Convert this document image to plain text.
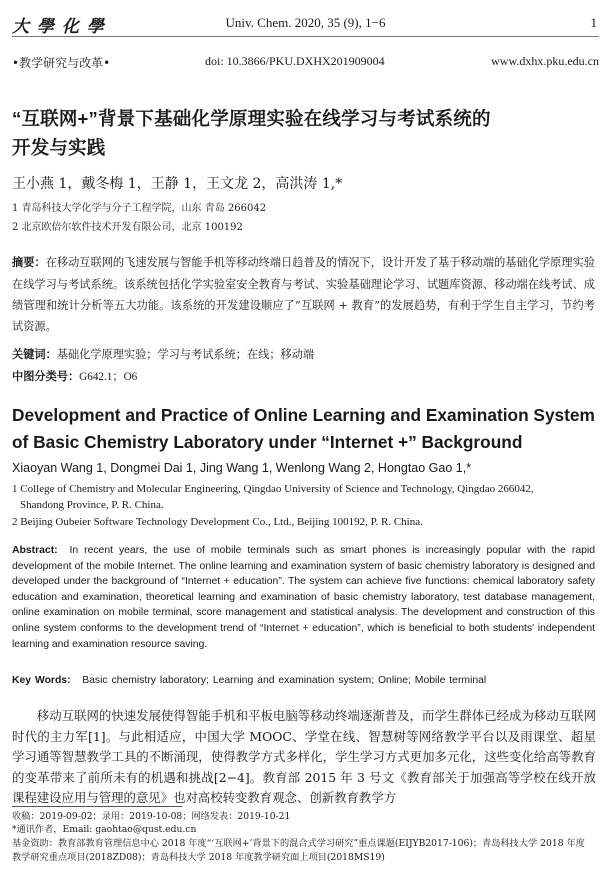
大 學 化 學	Univ. Chem. 2020, 35 (9), 1−6	1
•教学研究与改革•	doi: 10.3866/PKU.DXHX201909004	www.dxhx.pku.edu.cn
“互联网+”背景下基础化学原理实验在线学习与考试系统的
开发与实践
王小燕 1，戴冬梅 1，王静 1，王文龙 2，高洪涛 1,*
1 青岛科技大学化学与分子工程学院，山东 青岛 266042
2 北京欧倍尔软件技术开发有限公司，北京 100192
摘要：在移动互联网的飞速发展与智能手机等移动终端日趋普及的情况下，设计开发了基于移动端的基础化学原理实验在线学习与考试系统。该系统包括化学实验室安全教育与考试、实验基础理论学习、试题库资源、移动端在线考试、成绩管理和统计分析等五大功能。该系统的开发建设顺应了“互联网 + 教育”的发展趋势，有利于学生自主学习，节约考试资源。
关键词：基础化学原理实验；学习与考试系统；在线；移动端
中图分类号：G642.1；O6
Development and Practice of Online Learning and Examination System
of Basic Chemistry Laboratory under “Internet +” Background
Xiaoyan Wang 1, Dongmei Dai 1, Jing Wang 1, Wenlong Wang 2, Hongtao Gao 1,*
1 College of Chemistry and Molecular Engineering, Qingdao University of Science and Technology, Qingdao 266042,
Shandong Province, P. R. China.
2 Beijing Oubeier Software Technology Development Co., Ltd., Beijing 100192, P. R. China.
Abstract: In recent years, the use of mobile terminals such as smart phones is increasingly popular with the rapid development of the mobile Internet. The online learning and examination system of basic chemistry laboratory is designed and developed under the background of “Internet + education”. The system can achieve five functions: chemical laboratory safety education and examination, theoretical learning and examination of basic chemistry laboratory, test database management, online examination on mobile terminal, score management and statistical analysis. The development and construction of this online system conforms to the development trend of “Internet + education”, which is beneficial to both students' independent learning and examination resource saving.
Key Words: Basic chemistry laboratory; Learning and examination system; Online; Mobile terminal
移动互联网的快速发展使得智能手机和平板电脑等移动终端逐渐普及，而学生群体已经成为移动互联网时代的主力军[1]。与此相适应，中国大学 MOOC、学堂在线、智慧树等网络教学平台以及雨课堂、超星学习通等智慧教学工具的不断涌现，使得教学方式多样化，学生学习方式更加多元化，这些变化给高等教育的变革带来了前所未有的机遇和挑战[2−4]。教育部 2015 年 3 号文《教育部关于加强高等学校在线开放课程建设应用与管理的意见》也对高校转变教育观念、创新教育教学方
收稿：2019-09-02；录用：2019-10-08；网络发表：2019-10-21
*通讯作者，Email: gaohtao@qust.edu.cn
基金资助：教育部教育管理信息中心 2018 年度“‘互联网+’背景下的混合式学习研究”重点课题(EIJYB2017-106)；青岛科技大学 2018 年度
教学研究重点项目(2018ZD08)；青岛科技大学 2018 年度教学研究面上项目(2018MS19)
